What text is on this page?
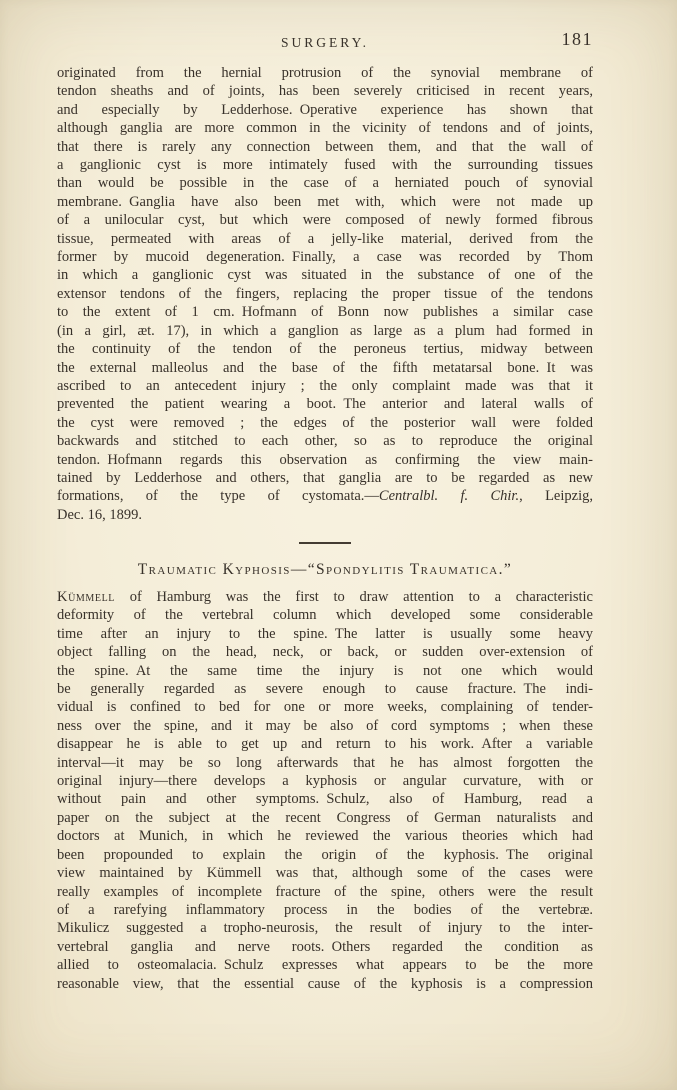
SURGERY.	181
originated from the hernial protrusion of the synovial membrane of
tendon sheaths and of joints, has been severely criticised in recent years,
and especially by Ledderhose. Operative experience has shown that
although ganglia are more common in the vicinity of tendons and of joints,
that there is rarely any connection between them, and that the wall of
a ganglionic cyst is more intimately fused with the surrounding tissues
than would be possible in the case of a herniated pouch of synovial
membrane. Ganglia have also been met with, which were not made up
of a unilocular cyst, but which were composed of newly formed fibrous
tissue, permeated with areas of a jelly-like material, derived from the
former by mucoid degeneration. Finally, a case was recorded by Thom
in which a ganglionic cyst was situated in the substance of one of the
extensor tendons of the fingers, replacing the proper tissue of the tendons
to the extent of 1 cm. Hofmann of Bonn now publishes a similar case
(in a girl, æt. 17), in which a ganglion as large as a plum had formed in
the continuity of the tendon of the peroneus tertius, midway between
the external malleolus and the base of the fifth metatarsal bone. It was
ascribed to an antecedent injury ; the only complaint made was that it
prevented the patient wearing a boot. The anterior and lateral walls of
the cyst were removed ; the edges of the posterior wall were folded
backwards and stitched to each other, so as to reproduce the original
tendon. Hofmann regards this observation as confirming the view main-
tained by Ledderhose and others, that ganglia are to be regarded as new
formations, of the type of cystomata.—Centralbl. f. Chir., Leipzig,
Dec. 16, 1899.
Traumatic Kyphosis—“Spondylitis Traumatica.”
Kümmell of Hamburg was the first to draw attention to a characteristic
deformity of the vertebral column which developed some considerable
time after an injury to the spine. The latter is usually some heavy
object falling on the head, neck, or back, or sudden over-extension of
the spine. At the same time the injury is not one which would
be generally regarded as severe enough to cause fracture. The indi-
vidual is confined to bed for one or more weeks, complaining of tender-
ness over the spine, and it may be also of cord symptoms ; when these
disappear he is able to get up and return to his work. After a variable
interval—it may be so long afterwards that he has almost forgotten the
original injury—there develops a kyphosis or angular curvature, with or
without pain and other symptoms. Schulz, also of Hamburg, read a
paper on the subject at the recent Congress of German naturalists and
doctors at Munich, in which he reviewed the various theories which had
been propounded to explain the origin of the kyphosis. The original
view maintained by Kümmell was that, although some of the cases were
really examples of incomplete fracture of the spine, others were the result
of a rarefying inflammatory process in the bodies of the vertebræ.
Mikulicz suggested a tropho-neurosis, the result of injury to the inter-
vertebral ganglia and nerve roots. Others regarded the condition as
allied to osteomalacia. Schulz expresses what appears to be the more
reasonable view, that the essential cause of the kyphosis is a compression
